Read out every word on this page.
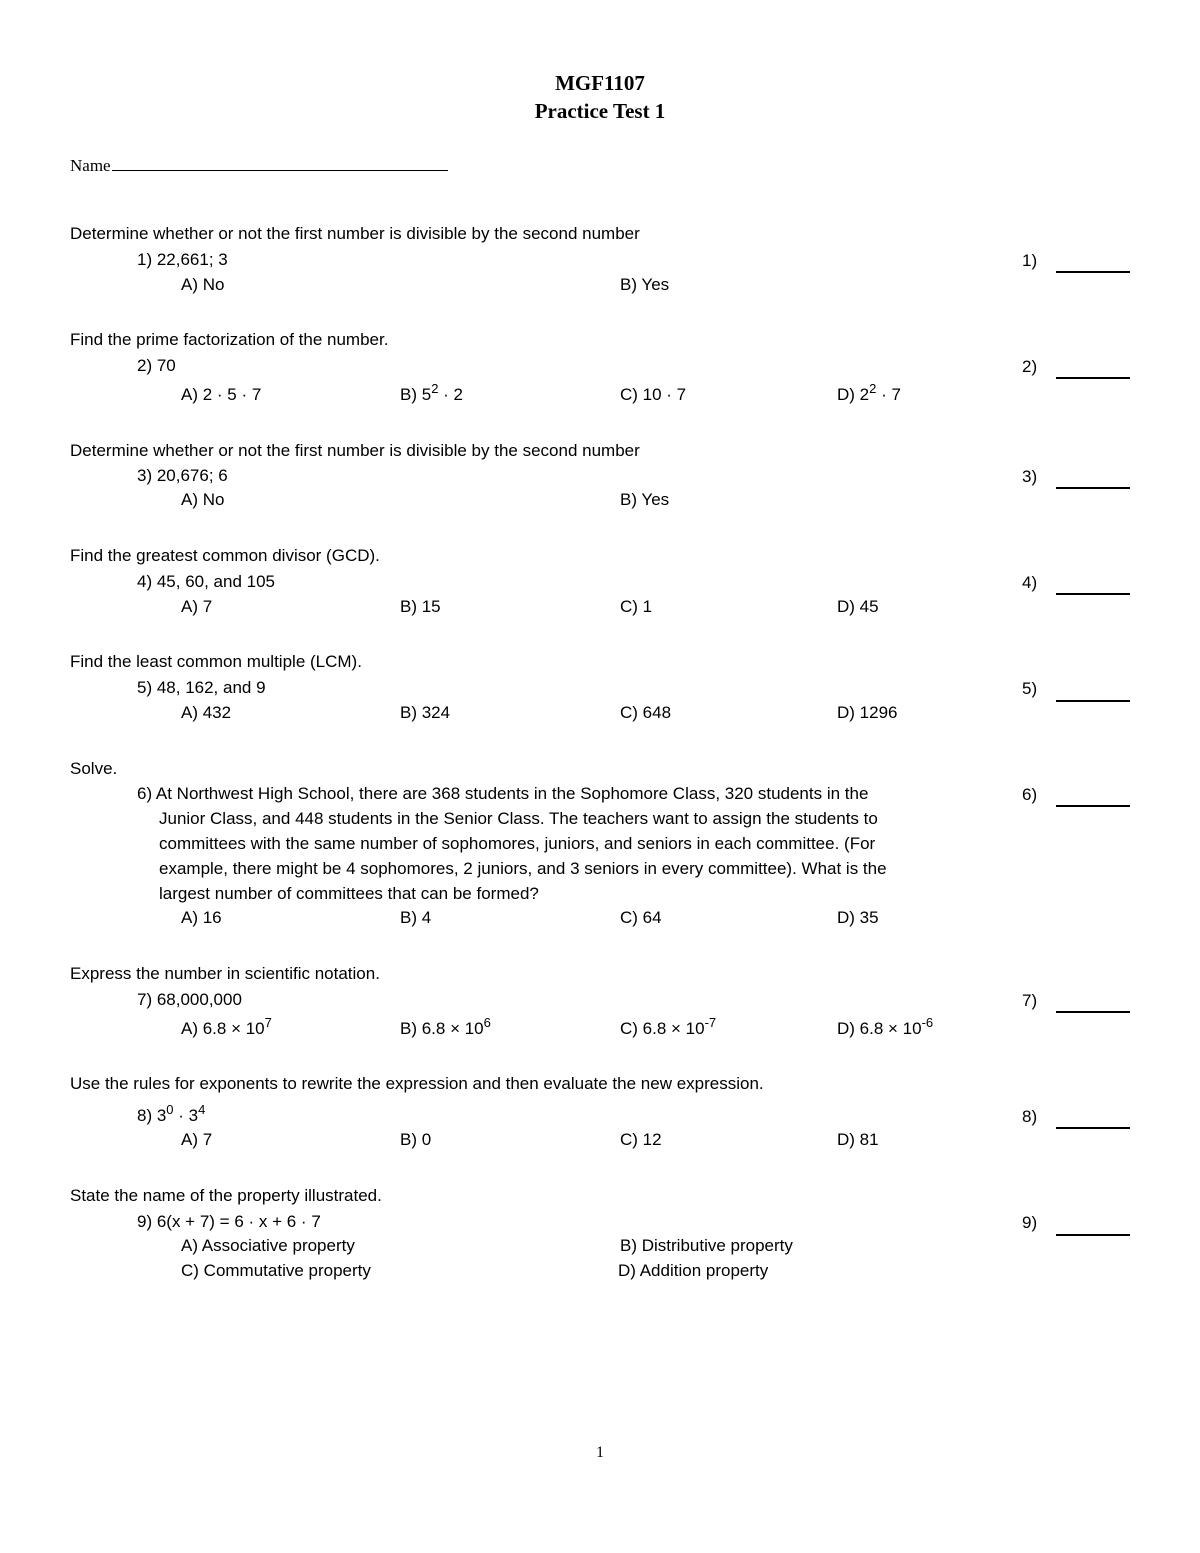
MGF1107
Practice Test 1
Name
Determine whether or not the first number is divisible by the second number
1) 22,661; 3	1)
A) No	B) Yes
Find the prime factorization of the number.
2) 70	2)
A) 2 · 5 · 7	B) $5^2 \cdot 2$	C) 10 · 7	D) $2^2 \cdot 7$
Determine whether or not the first number is divisible by the second number
3) 20,676; 6	3)
A) No	B) Yes
Find the greatest common divisor (GCD).
4) 45, 60, and 105	4)
A) 7	B) 15	C) 1	D) 45
Find the least common multiple (LCM).
5) 48, 162, and 9	5)
A) 432	B) 324	C) 648	D) 1296
Solve.
6) At Northwest High School, there are 368 students in the Sophomore Class, 320 students in the
Junior Class, and 448 students in the Senior Class. The teachers want to assign the students to
committees with the same number of sophomores, juniors, and seniors in each committee. (For
example, there might be 4 sophomores, 2 juniors, and 3 seniors in every committee). What is the
largest number of committees that can be formed?
6)
A) 16	B) 4	C) 64	D) 35
Express the number in scientific notation.
7) 68,000,000	7)
A) $6.8 \times 10^7$	B) $6.8 \times 10^6$	C) $6.8 \times 10^{-7}$	D) $6.8 \times 10^{-6}$
Use the rules for exponents to rewrite the expression and then evaluate the new expression.
8) $3^0 \cdot 3^4$	8)
A) 7	B) 0	C) 12	D) 81
State the name of the property illustrated.
9) 6(x + 7) = 6 · x + 6 · 7	9)
A) Associative property	B) Distributive property
C) Commutative property	D) Addition property
1
